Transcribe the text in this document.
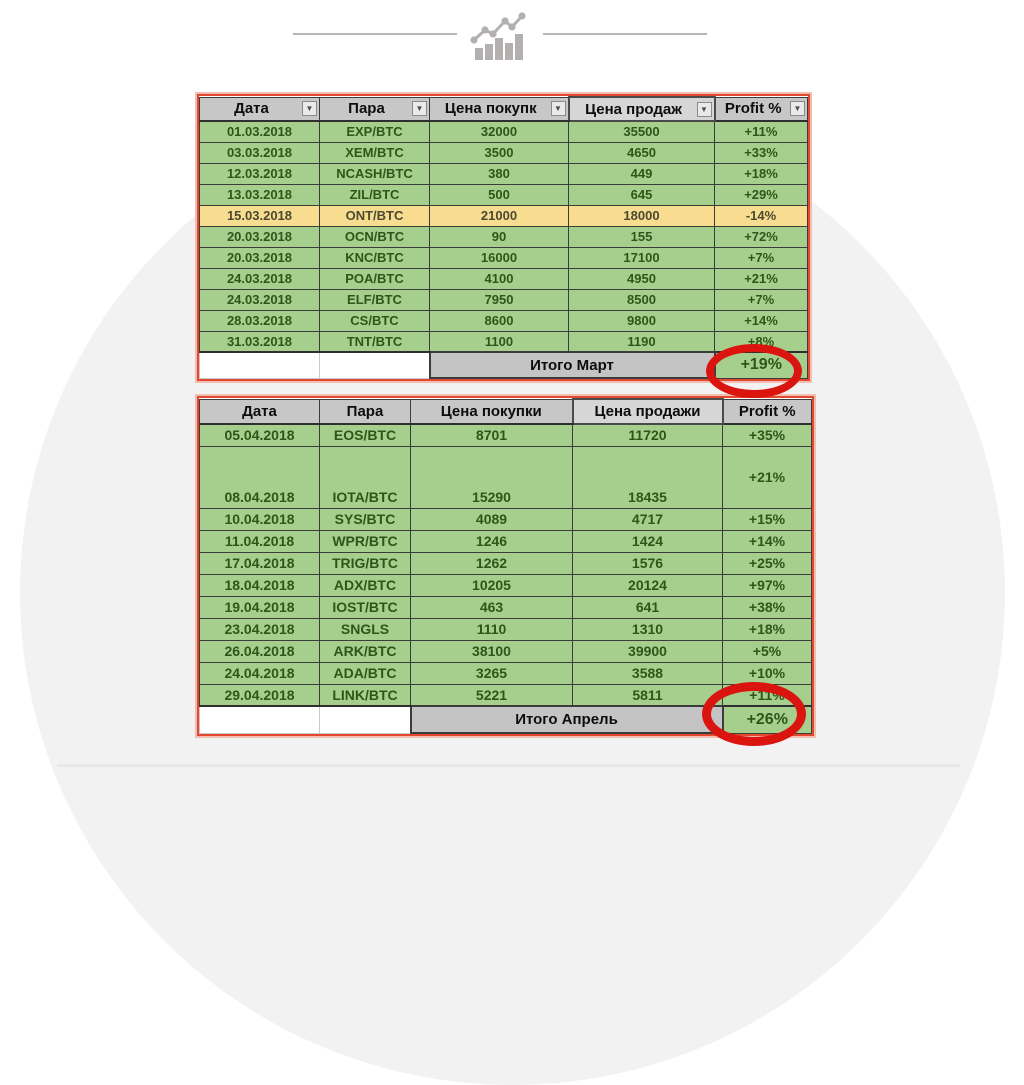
Дата ▼	Пара ▼	Цена покупк ▼	Цена продаж ▼	Profit % ▼

01.03.2018	EXP/BTC	32000	35500	+11%
03.03.2018	XEM/BTC	3500	4650	+33%
12.03.2018	NCASH/BTC	380	449	+18%
13.03.2018	ZIL/BTC	500	645	+29%
15.03.2018	ONT/BTC	21000	18000	-14%
20.03.2018	OCN/BTC	90	155	+72%
20.03.2018	KNC/BTC	16000	17100	+7%
24.03.2018	POA/BTC	4100	4950	+21%
24.03.2018	ELF/BTC	7950	8500	+7%
28.03.2018	CS/BTC	8600	9800	+14%
31.03.2018	TNT/BTC	1100	1190	+8%
		Итого Март		+19%
Дата	Пара	Цена покупки	Цена продажи	Profit %
05.04.2018	EOS/BTC	8701	11720	+35%
08.04.2018	IOTA/BTC	15290	18435	+21%
10.04.2018	SYS/BTC	4089	4717	+15%
11.04.2018	WPR/BTC	1246	1424	+14%
17.04.2018	TRIG/BTC	1262	1576	+25%
18.04.2018	ADX/BTC	10205	20124	+97%
19.04.2018	IOST/BTC	463	641	+38%
23.04.2018	SNGLS	1110	1310	+18%
26.04.2018	ARK/BTC	38100	39900	+5%
24.04.2018	ADA/BTC	3265	3588	+10%
29.04.2018	LINK/BTC	5221	5811	+11%
		Итого Апрель		+26%
